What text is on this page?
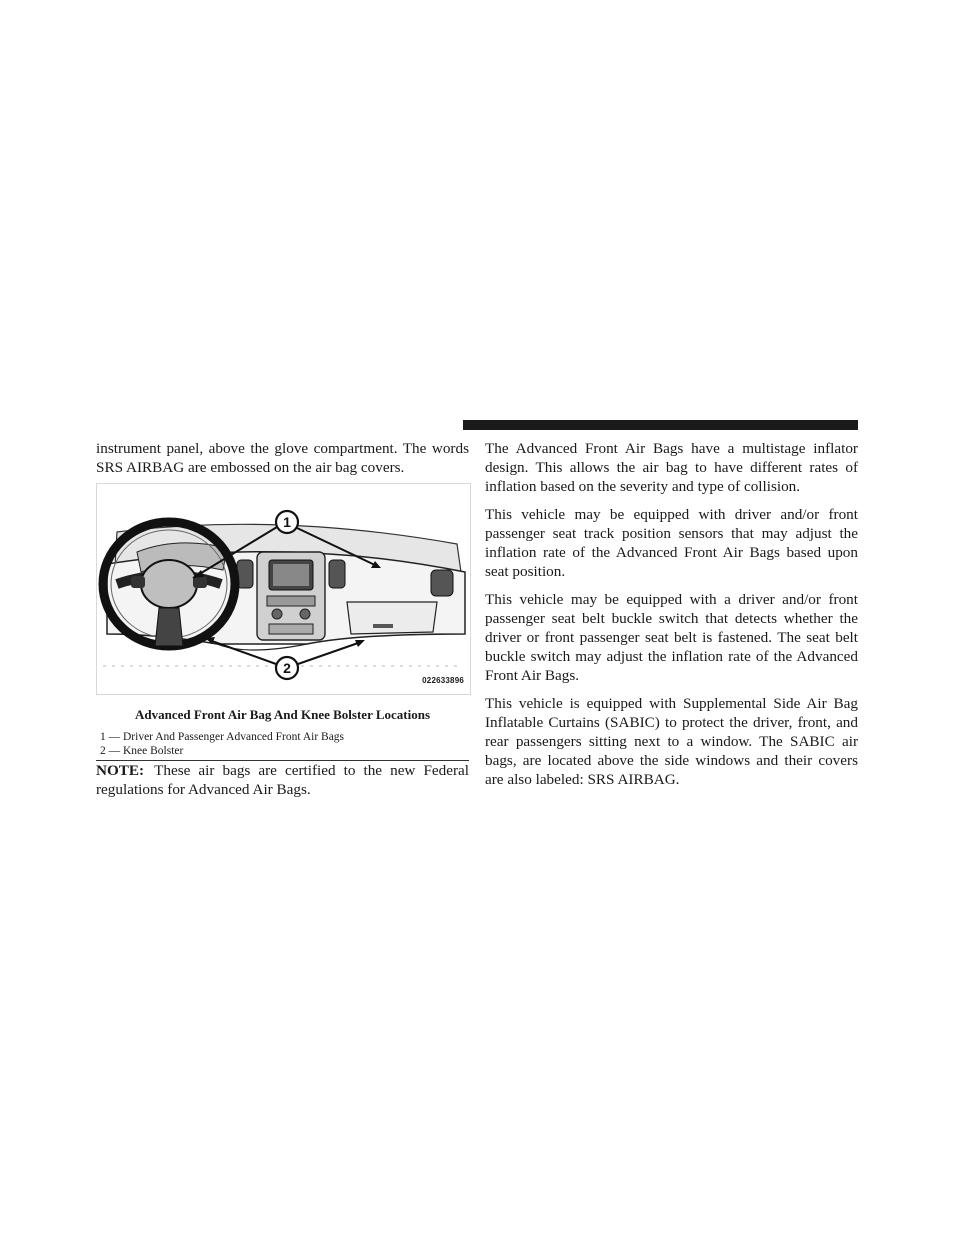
instrument panel, above the glove compartment. The words SRS AIRBAG are embossed on the air bag covers.

1
2
022633896
Advanced Front Air Bag And Knee Bolster Locations
1 — Driver And Passenger Advanced Front Air Bags
2 — Knee Bolster

NOTE: These air bags are certified to the new Federal regulations for Advanced Air Bags.

The Advanced Front Air Bags have a multistage inflator design. This allows the air bag to have different rates of inflation based on the severity and type of collision.

This vehicle may be equipped with driver and/or front passenger seat track position sensors that may adjust the inflation rate of the Advanced Front Air Bags based upon seat position.

This vehicle may be equipped with a driver and/or front passenger seat belt buckle switch that detects whether the driver or front passenger seat belt is fastened. The seat belt buckle switch may adjust the inflation rate of the Advanced Front Air Bags.

This vehicle is equipped with Supplemental Side Air Bag Inflatable Curtains (SABIC) to protect the driver, front, and rear passengers sitting next to a window. The SABIC air bags, are located above the side windows and their covers are also labeled: SRS AIRBAG.
